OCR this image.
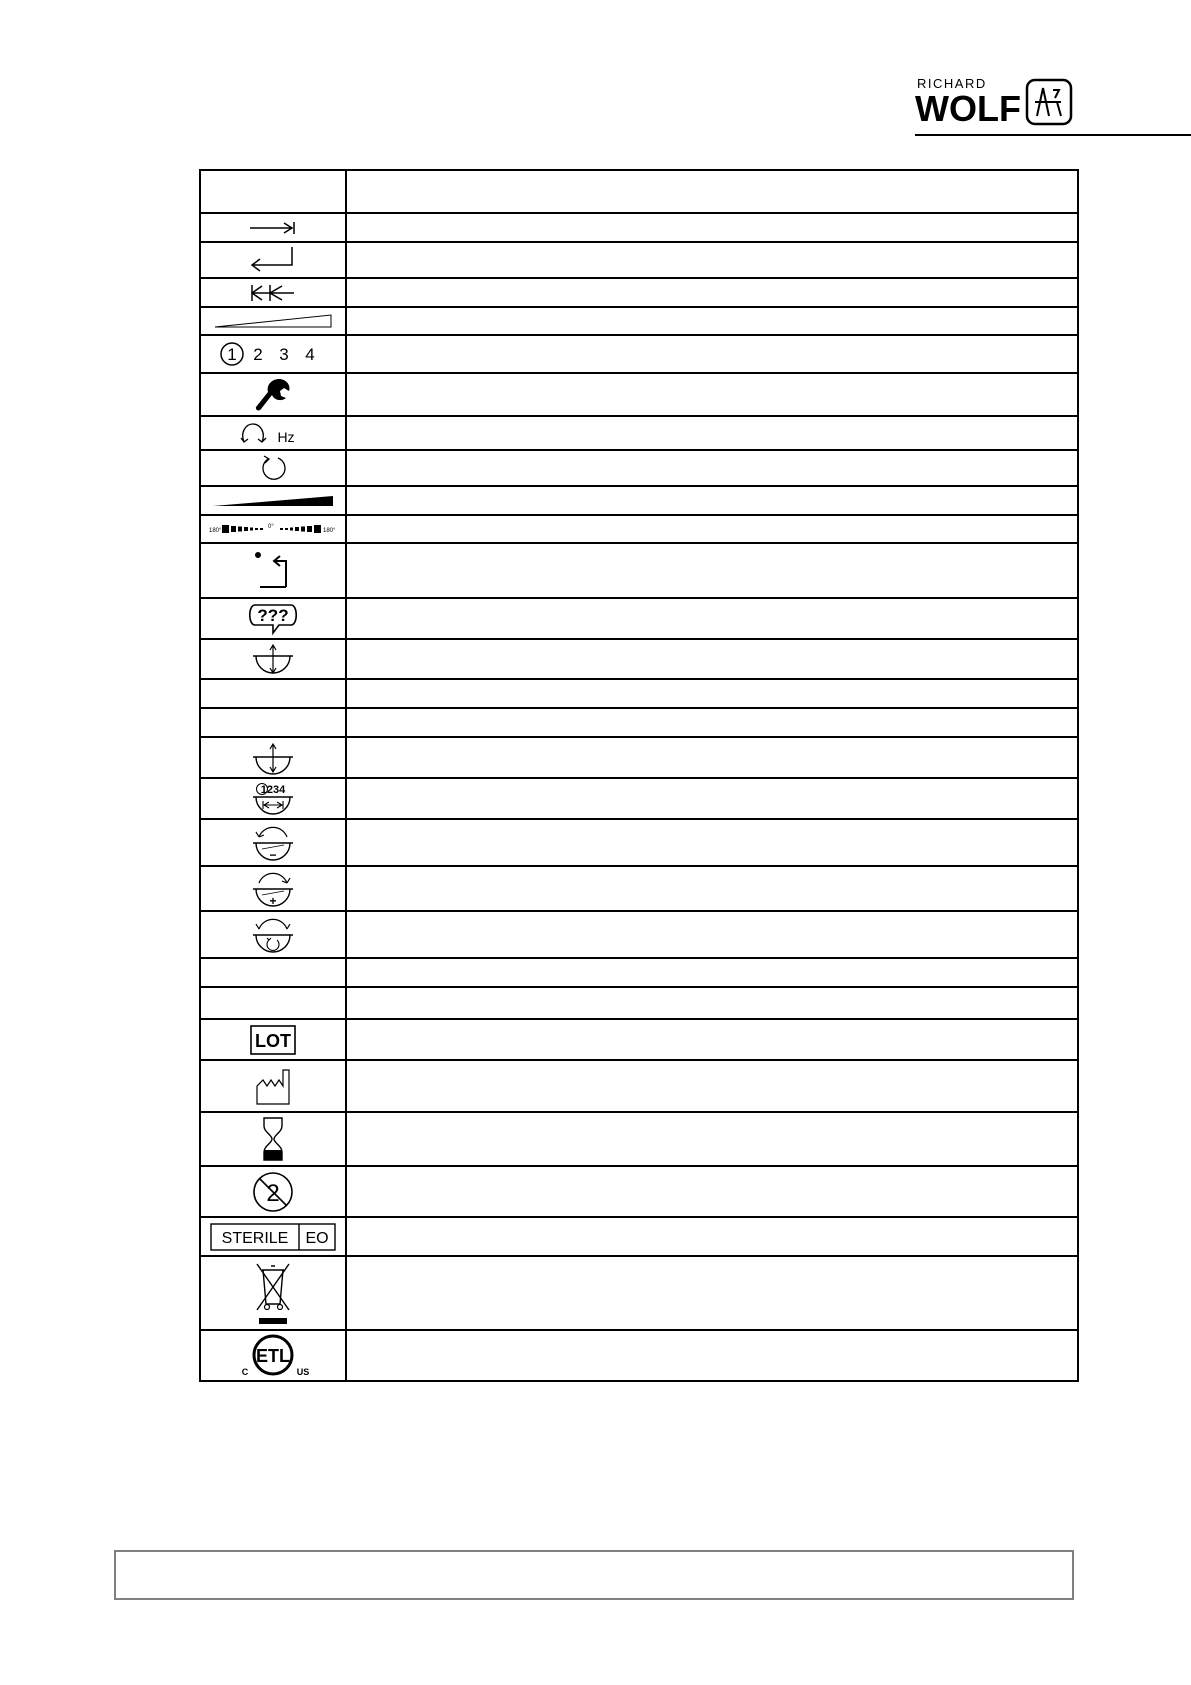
RICHARD
WOLF

1 2 3 4	

Hz	

180°
0°
180°	

???	

1234	

−	

+	

LOT	

2	

STERILE EO	

ETL
C US	
